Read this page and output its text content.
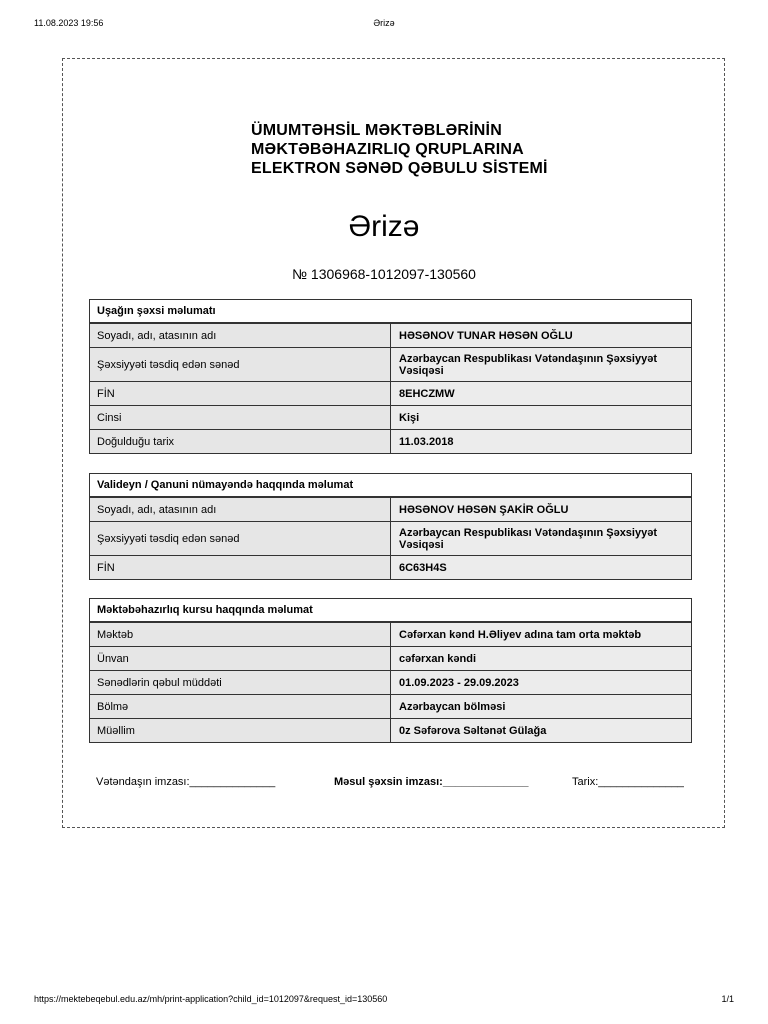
11.08.2023 19:56	Ərizə
ÜMUMTƏHSİL MƏKTƏBLƏRİNİN
MƏKTƏBƏHAZIRLIQ QRUPLARINA
ELEKTRON SƏNƏD QƏBULU SİSTEMİ
Ərizə
№ 1306968-1012097-130560
Uşağın şəxsi məlumatı
Soyadı, adı, atasının adı	HƏSƏNOV TUNAR HƏSƏN OĞLU
Şəxsiyyəti təsdiq edən sənəd	Azərbaycan Respublikası Vətəndaşının Şəxsiyyət Vəsiqəsi
FİN	8EHCZMW
Cinsi	Kişi
Doğulduğu tarix	11.03.2018
Valideyn / Qanuni nümayəndə haqqında məlumat
Soyadı, adı, atasının adı	HƏSƏNOV HƏSƏN ŞAKİR OĞLU
Şəxsiyyəti təsdiq edən sənəd	Azərbaycan Respublikası Vətəndaşının Şəxsiyyət Vəsiqəsi
FİN	6C63H4S
Məktəbəhazırlıq kursu haqqında məlumat
Məktəb	Cəfərxan kənd H.Əliyev adına tam orta məktəb
Ünvan	cəfərxan kəndi
Sənədlərin qəbul müddəti	01.09.2023 - 29.09.2023
Bölmə	Azərbaycan bölməsi
Müəllim	0z Səfərova Səltənət Gülağa
Vətəndaşın imzası:______________	Məsul şəxsin imzası:______________	Tarix:______________
https://mektebeqebul.edu.az/mh/print-application?child_id=1012097&request_id=130560	1/1
